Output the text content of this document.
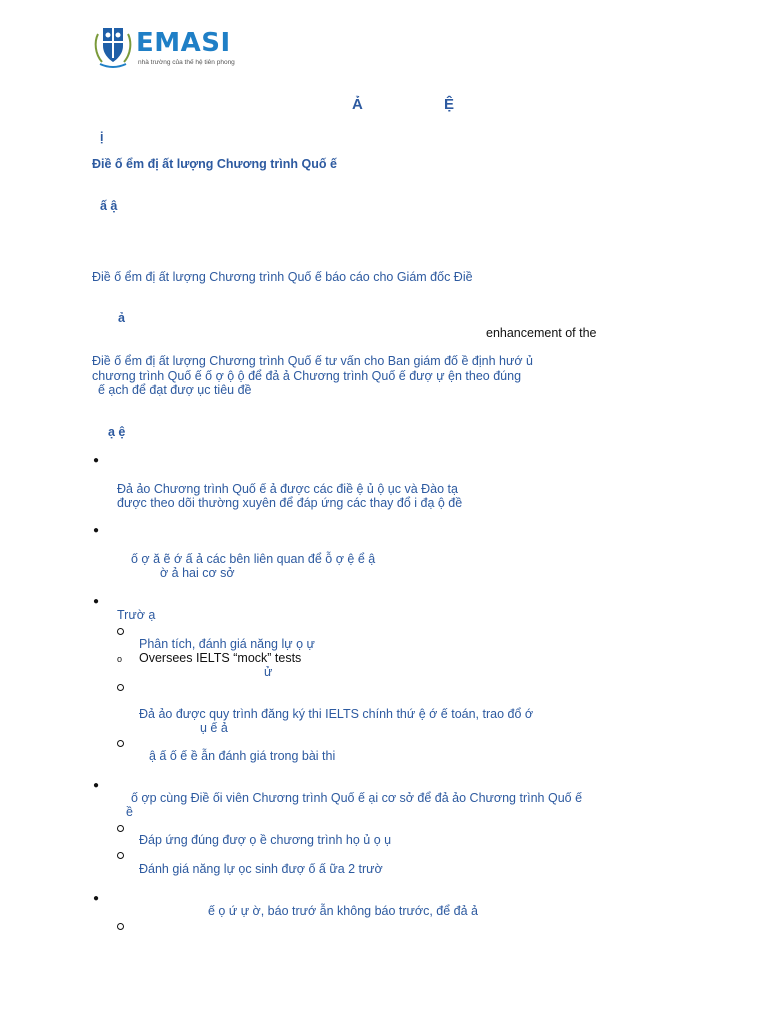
EMASI
nhà trường của thế hệ tiên phong
Ả	Ệ
ị
Điề ố ểm đị ất lượng Chương trình Quố ế
ấ ậ
Điề ố ểm đị ất lượng Chương trình Quố ế báo cáo cho Giám đốc Điề
ả
enhancement of the
Điề ố ểm đị ất lượng Chương trình Quố ế tư vấn cho Ban giám đố ề định hướ ủ
chương trình Quố ế ố ợ ộ ộ để đả ả Chương trình Quố ế đượ ự ện theo đúng
ế ạch để đạt đượ ục tiêu đề
ạ ệ
●
Đả ảo Chương trình Quố ế ả được các điề ệ ủ ộ ục và Đào tạ
được theo dõi thường xuyên để đáp ứng các thay đổ i đạ ộ đề
●
ố ợ ă ẽ ớ ấ ả các bên liên quan để ỗ ợ ệ ể ậ
ờ ả hai cơ sở
●
Trườ ạ
Phân tích, đánh giá năng lự ọ ự
o Oversees IELTS “mock” tests
ử
Đả ảo được quy trình đăng ký thi IELTS chính thứ ệ ớ ế toán, trao đổ ớ
ụ ế ả
ậ ấ ố ế ề ẫn đánh giá trong bài thi
●
ố ợp cùng Điề ối viên Chương trình Quố ế ại cơ sở để đả ảo Chương trình Quố ế
ề
Đáp ứng đúng đượ ọ ề chương trình họ ủ ọ ụ
Đánh giá năng lự ọc sinh đượ ố ấ ữa 2 trườ
●
ế ọ ứ ự ờ, báo trướ ẫn không báo trước, để đả ả
